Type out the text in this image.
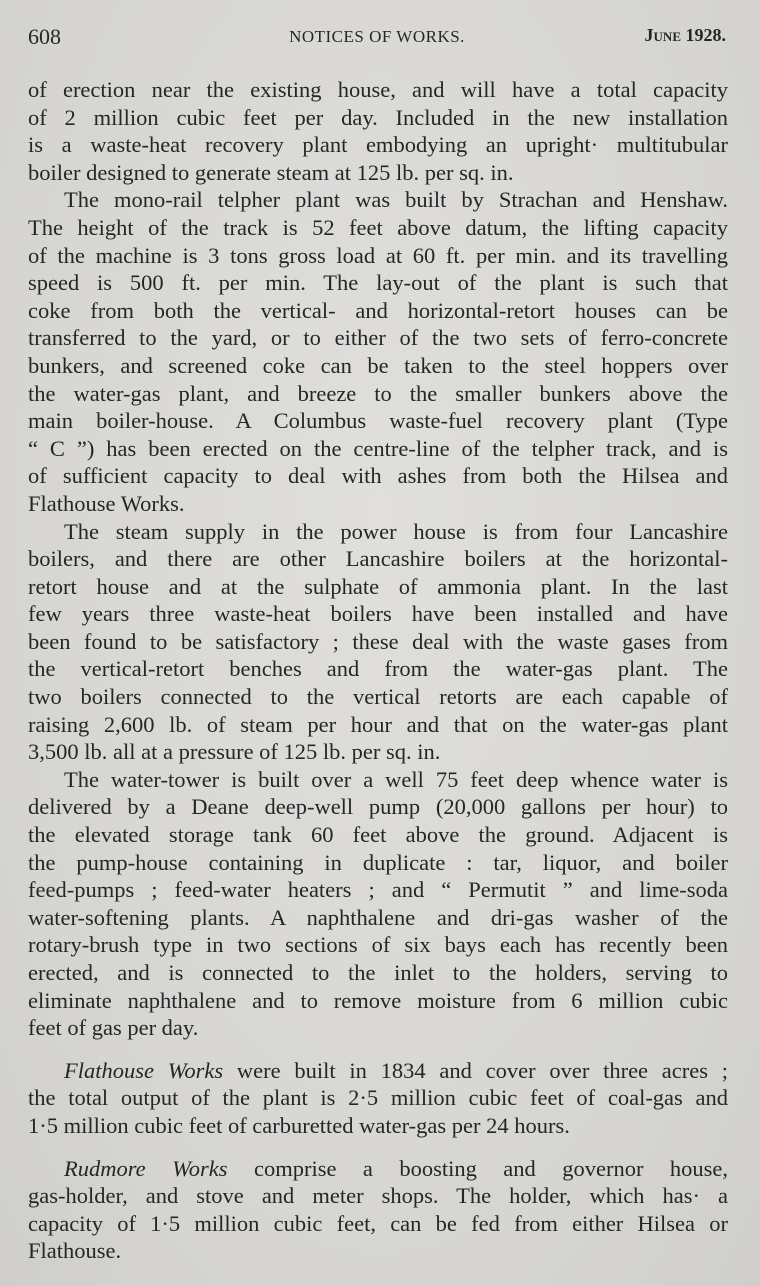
608	NOTICES OF WORKS.	June 1928.
of erection near the existing house, and will have a total capacity
of 2 million cubic feet per day. Included in the new installation
is a waste-heat recovery plant embodying an upright· multitubular
boiler designed to generate steam at 125 lb. per sq. in.
The mono-rail telpher plant was built by Strachan and Henshaw.
The height of the track is 52 feet above datum, the lifting capacity
of the machine is 3 tons gross load at 60 ft. per min. and its travelling
speed is 500 ft. per min. The lay-out of the plant is such that
coke from both the vertical- and horizontal-retort houses can be
transferred to the yard, or to either of the two sets of ferro-concrete
bunkers, and screened coke can be taken to the steel hoppers over
the water-gas plant, and breeze to the smaller bunkers above the
main boiler-house. A Columbus waste-fuel recovery plant (Type
“ C ”) has been erected on the centre-line of the telpher track, and is
of sufficient capacity to deal with ashes from both the Hilsea and
Flathouse Works.
The steam supply in the power house is from four Lancashire
boilers, and there are other Lancashire boilers at the horizontal-
retort house and at the sulphate of ammonia plant. In the last
few years three waste-heat boilers have been installed and have
been found to be satisfactory ; these deal with the waste gases from
the vertical-retort benches and from the water-gas plant. The
two boilers connected to the vertical retorts are each capable of
raising 2,600 lb. of steam per hour and that on the water-gas plant
3,500 lb. all at a pressure of 125 lb. per sq. in.
The water-tower is built over a well 75 feet deep whence water is
delivered by a Deane deep-well pump (20,000 gallons per hour) to
the elevated storage tank 60 feet above the ground. Adjacent is
the pump-house containing in duplicate : tar, liquor, and boiler
feed-pumps ; feed-water heaters ; and “ Permutit ” and lime-soda
water-softening plants. A naphthalene and dri-gas washer of the
rotary-brush type in two sections of six bays each has recently been
erected, and is connected to the inlet to the holders, serving to
eliminate naphthalene and to remove moisture from 6 million cubic
feet of gas per day.
Flathouse Works were built in 1834 and cover over three acres ;
the total output of the plant is 2·5 million cubic feet of coal-gas and
1·5 million cubic feet of carburetted water-gas per 24 hours.
Rudmore Works comprise a boosting and governor house,
gas-holder, and stove and meter shops. The holder, which has· a
capacity of 1·5 million cubic feet, can be fed from either Hilsea or
Flathouse.
